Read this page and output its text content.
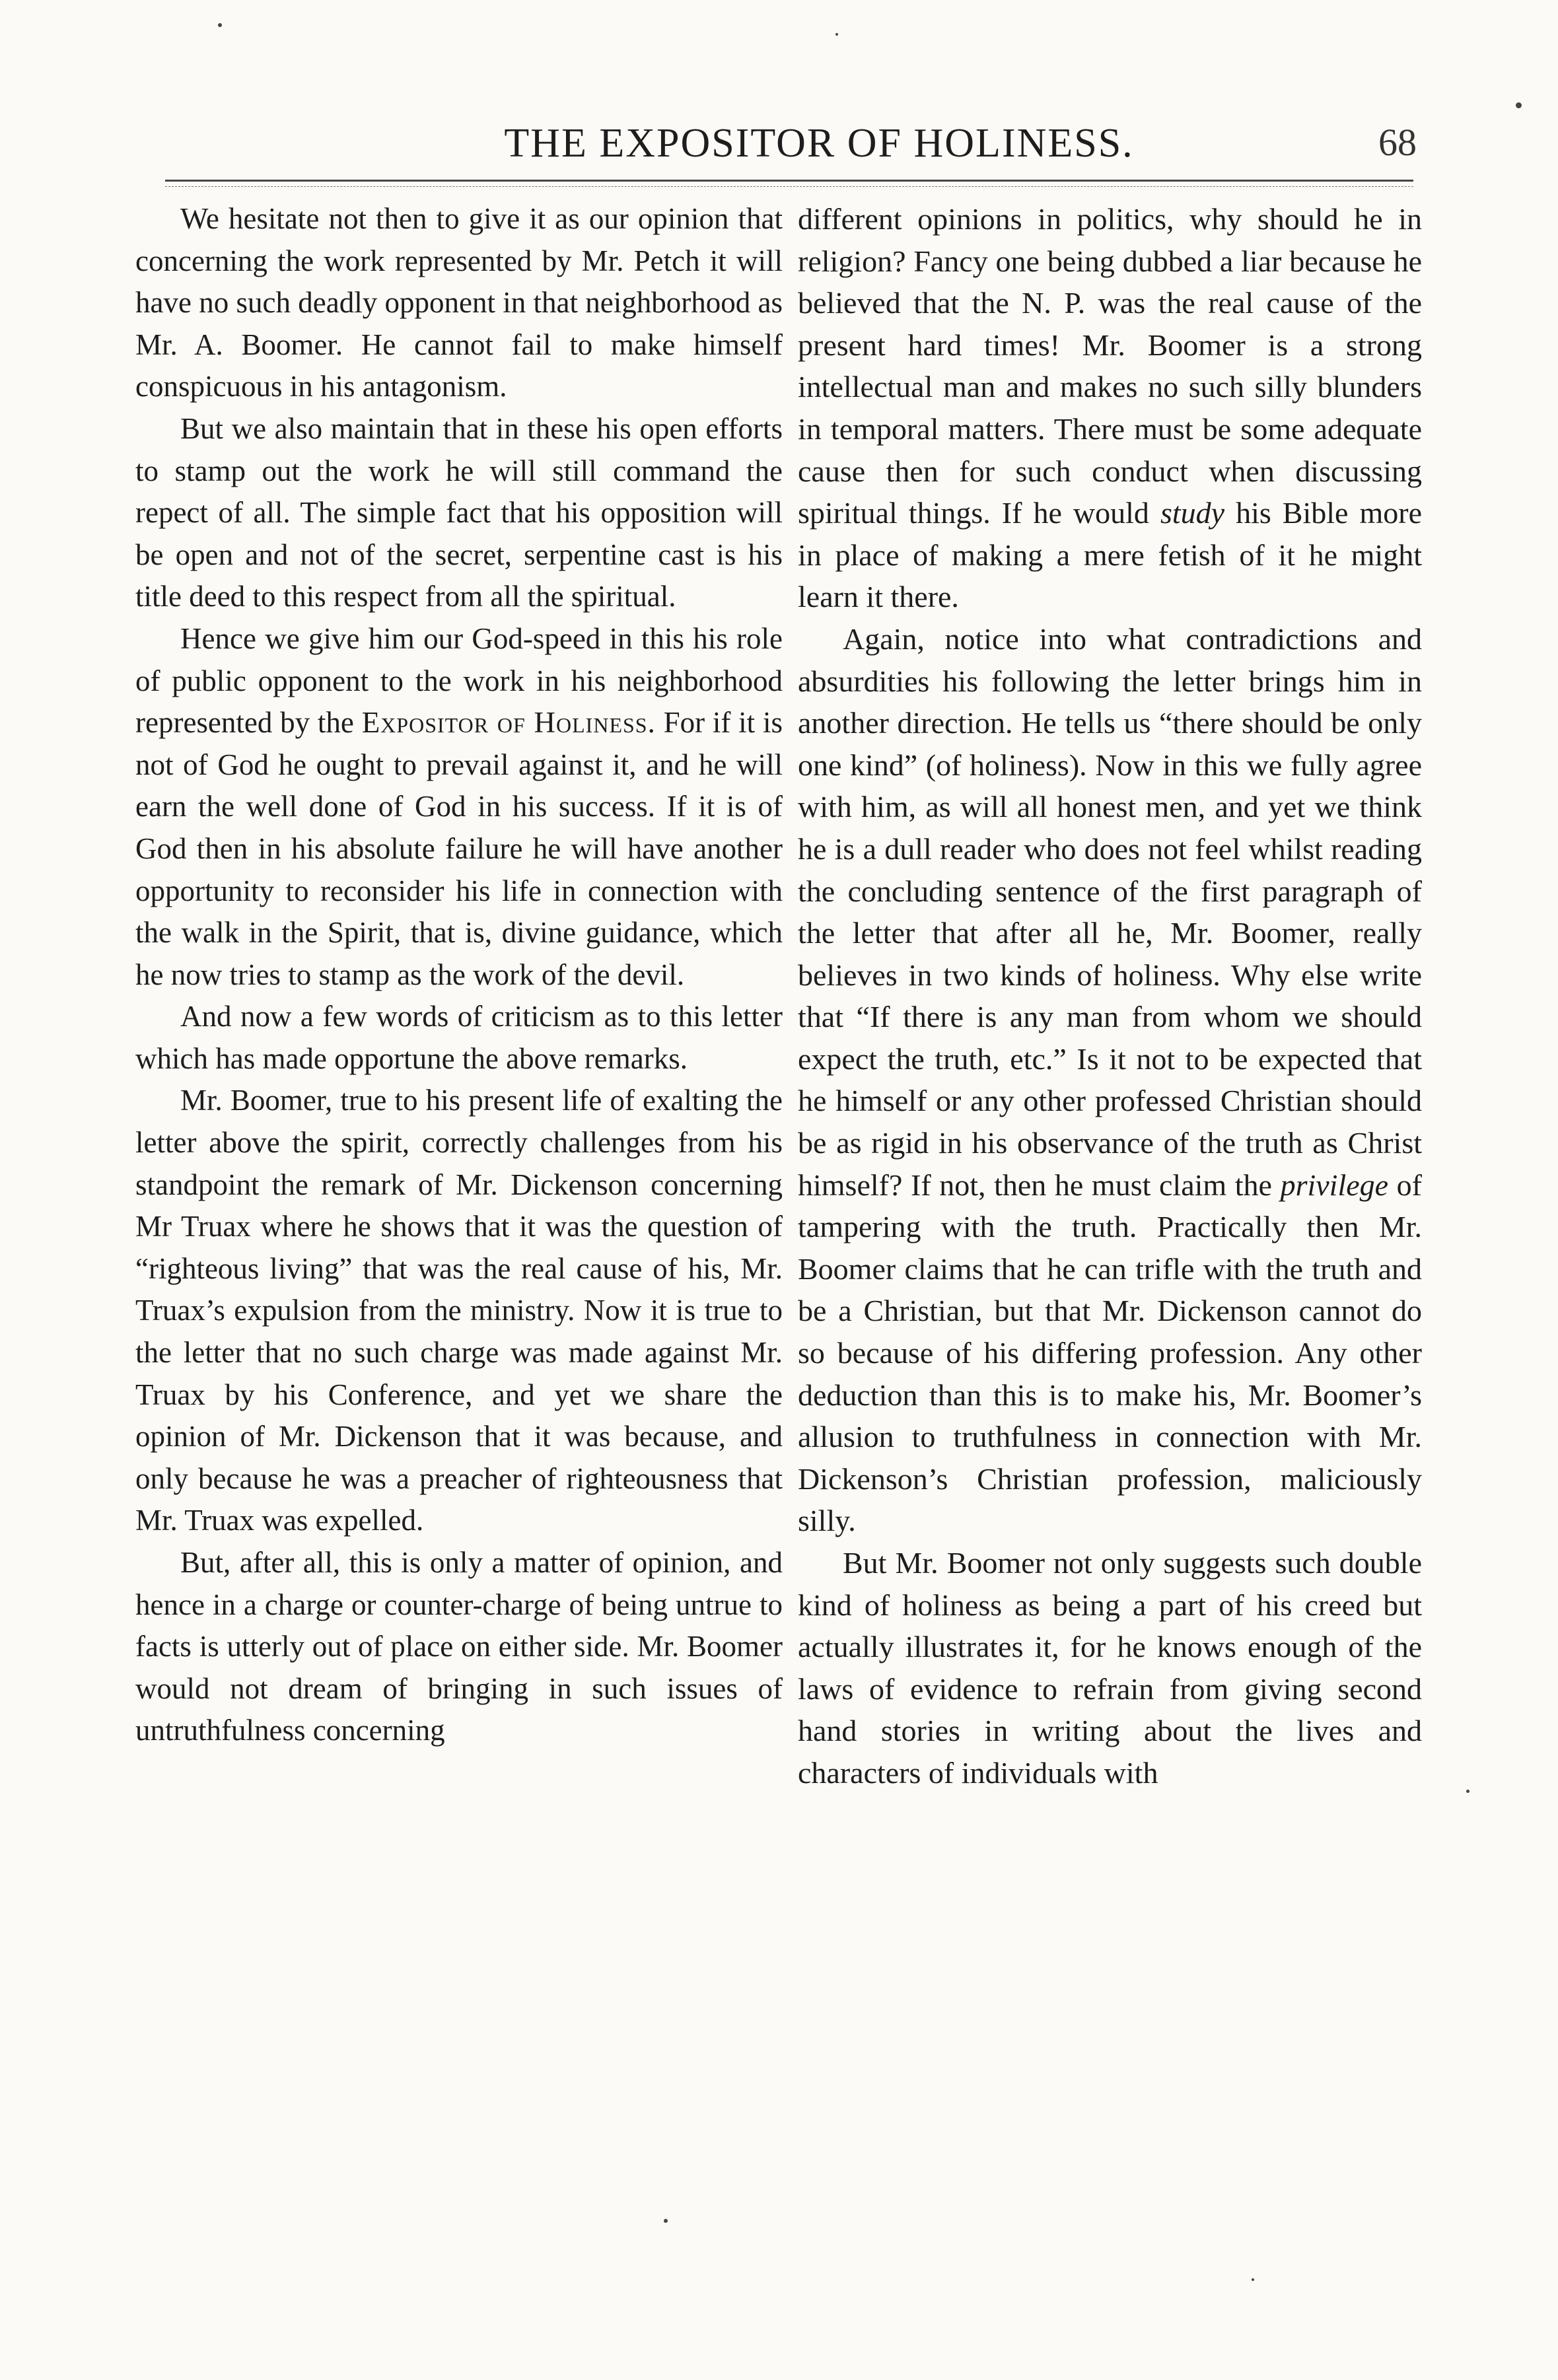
THE EXPOSITOR OF HOLINESS.	68

We hesitate not then to give it as our opinion that concerning the work represented by Mr. Petch it will have no such deadly opponent in that neighborhood as Mr. A. Boomer. He cannot fail to make himself conspicuous in his antagonism.

But we also maintain that in these his open efforts to stamp out the work he will still command the repect of all. The simple fact that his opposition will be open and not of the secret, serpentine cast is his title deed to this respect from all the spiritual.

Hence we give him our God-speed in this his role of public opponent to the work in his neighborhood represented by the Expositor of Holiness. For if it is not of God he ought to prevail against it, and he will earn the well done of God in his success. If it is of God then in his absolute failure he will have another opportunity to reconsider his life in connection with the walk in the Spirit, that is, divine guidance, which he now tries to stamp as the work of the devil.

And now a few words of criticism as to this letter which has made opportune the above remarks.

Mr. Boomer, true to his present life of exalting the letter above the spirit, correctly challenges from his standpoint the remark of Mr. Dickenson concerning Mr Truax where he shows that it was the question of “righteous living” that was the real cause of his, Mr. Truax’s expulsion from the ministry. Now it is true to the letter that no such charge was made against Mr. Truax by his Conference, and yet we share the opinion of Mr. Dickenson that it was because, and only because he was a preacher of righteousness that Mr. Truax was expelled.

But, after all, this is only a matter of opinion, and hence in a charge or counter-charge of being untrue to facts is utterly out of place on either side. Mr. Boomer would not dream of bringing in such issues of untruthfulness concerning

different opinions in politics, why should he in religion? Fancy one being dubbed a liar because he believed that the N. P. was the real cause of the present hard times! Mr. Boomer is a strong intellectual man and makes no such silly blunders in temporal matters. There must be some adequate cause then for such conduct when discussing spiritual things. If he would study his Bible more in place of making a mere fetish of it he might learn it there.

Again, notice into what contradictions and absurdities his following the letter brings him in another direction. He tells us “there should be only one kind” (of holiness). Now in this we fully agree with him, as will all honest men, and yet we think he is a dull reader who does not feel whilst reading the concluding sentence of the first paragraph of the letter that after all he, Mr. Boomer, really believes in two kinds of holiness. Why else write that “If there is any man from whom we should expect the truth, etc.” Is it not to be expected that he himself or any other professed Christian should be as rigid in his observance of the truth as Christ himself? If not, then he must claim the privilege of tampering with the truth. Practically then Mr. Boomer claims that he can trifle with the truth and be a Christian, but that Mr. Dickenson cannot do so because of his differing profession. Any other deduction than this is to make his, Mr. Boomer’s allusion to truthfulness in connection with Mr. Dickenson’s Christian profession, maliciously silly.

But Mr. Boomer not only suggests such double kind of holiness as being a part of his creed but actually illustrates it, for he knows enough of the laws of evidence to refrain from giving second hand stories in writing about the lives and characters of individuals with
